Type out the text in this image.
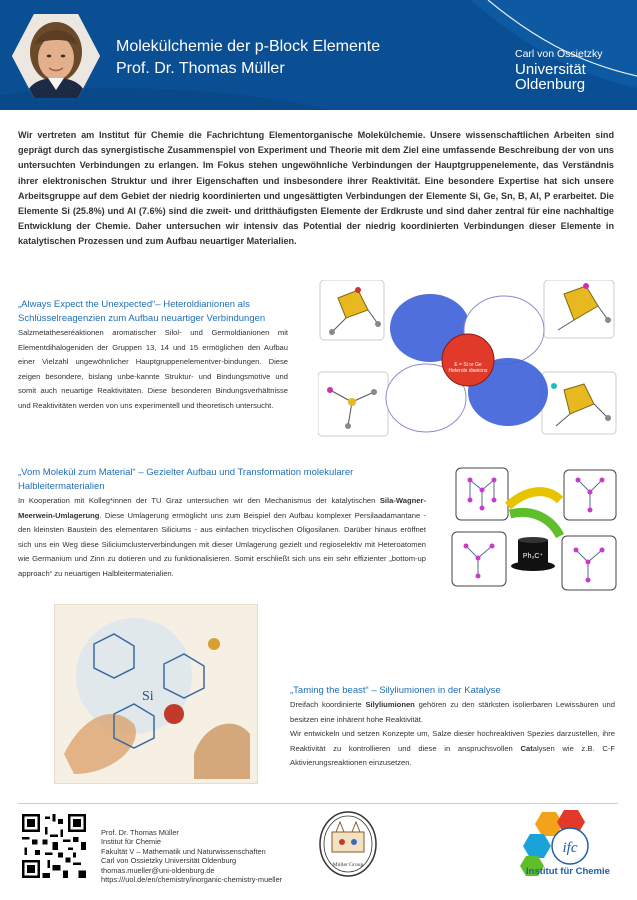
Molekülchemie der p-Block Elemente
Prof. Dr. Thomas Müller
Carl von Ossietzky
Universität
Oldenburg
Wir vertreten am Institut für Chemie die Fachrichtung Elementorganische Molekülchemie. Unsere wissenschaftlichen Arbeiten sind geprägt durch das synergistische Zusammenspiel von Experiment und Theorie mit dem Ziel eine umfassende Beschreibung der von uns untersuchten Verbindungen zu erlangen. Im Fokus stehen ungewöhnliche Verbindungen der Hauptgruppenelemente, das Verständnis ihrer elektronischen Struktur und ihrer Eigenschaften und insbesondere ihrer Reaktivität. Eine besondere Expertise hat sich unsere Arbeitsgruppe auf dem Gebiet der niedrig koordinierten und ungesättigten Verbindungen der Elemente Si, Ge, Sn, B, Al, P erarbeitet. Die Elemente Si (25.8%) und Al (7.6%) sind die zweit- und dritthäufigsten Elemente der Erdkruste und sind daher zentral für eine nachhaltige Entwicklung der Chemie. Daher untersuchen wir intensiv das Potential der niedrig koordinierten Verbindungen dieser Elemente in katalytischen Prozessen und zum Aufbau neuartiger Materialien.
„Always Expect the Unexpected“– Heteroldianionen als Schlüsselreagenzien zum Aufbau neuartiger Verbindungen
Salzmetatheseréaktionen aromatischer Silol- und Germoldianionen mit Elementdihalogeniden der Gruppen 13, 14 und 15 ermöglichen den Aufbau einer Vielzahl ungewöhnlicher Hauptgruppenelementver-bindungen. Diese zeigen besondere, bislang unbe-kannte Struktur- und Bindungsmotive und somit auch neuartige Reaktivitäten. Diese besonderen Bindungsverhältnisse und Reaktivitäten werden von uns experimentell und theoretisch untersucht.
E = Si or Ge
Heterole dianions
„Vom Molekül zum Material“ – Gezielter Aufbau und Transformation molekularer Halbleitermaterialien
In Kooperation mit Kolleg*innen der TU Graz untersuchen wir den Mechanismus der katalytischen Sila-Wagner-Meerwein-Umlagerung. Diese Umlagerung ermöglicht uns zum Beispiel den Aufbau komplexer Persilaadamantane - den kleinsten Baustein des elementaren Siliciums - aus einfachen tricyclischen Oligosilanen. Darüber hinaus eröffnet sich uns ein Weg diese Siliciumclusterverbindungen mit dieser Umlagerung gezielt und regioselektiv mit Heteroatomen wie Germanium und Zinn zu dotieren und zu funktionalisieren. Somit erschließt sich uns ein sehr effizienter „bottom-up approach“ zu neuartigen Halbleitermaterialien.
Ph₃C⁺
Si	„Taming the beast“ – Silyliumionen in der Katalyse
Dreifach koordinierte Silyliumionen gehören zu den stärksten isolierbaren Lewissäuren und besitzen eine inhärent hohe Reaktivität.
Wir entwickeln und setzen Konzepte um, Salze dieser hochreaktiven Spezies darzustellen, ihre Reaktivität zu kontrollieren und diese in anspruchsvollen Catalysen wie z.B. C-F Aktivierungsreaktionen einzusetzen.
Prof. Dr. Thomas Müller
Institut für Chemie
Fakultät V – Mathematik und Naturwissenschaften
Carl von Ossietzky Universität Oldenburg
thomas.mueller@uni-oldenburg.de
https:///uol.de/en/chemistry/inorganic-chemistry-mueller
Müller Group
ifc
Institut für Chemie
